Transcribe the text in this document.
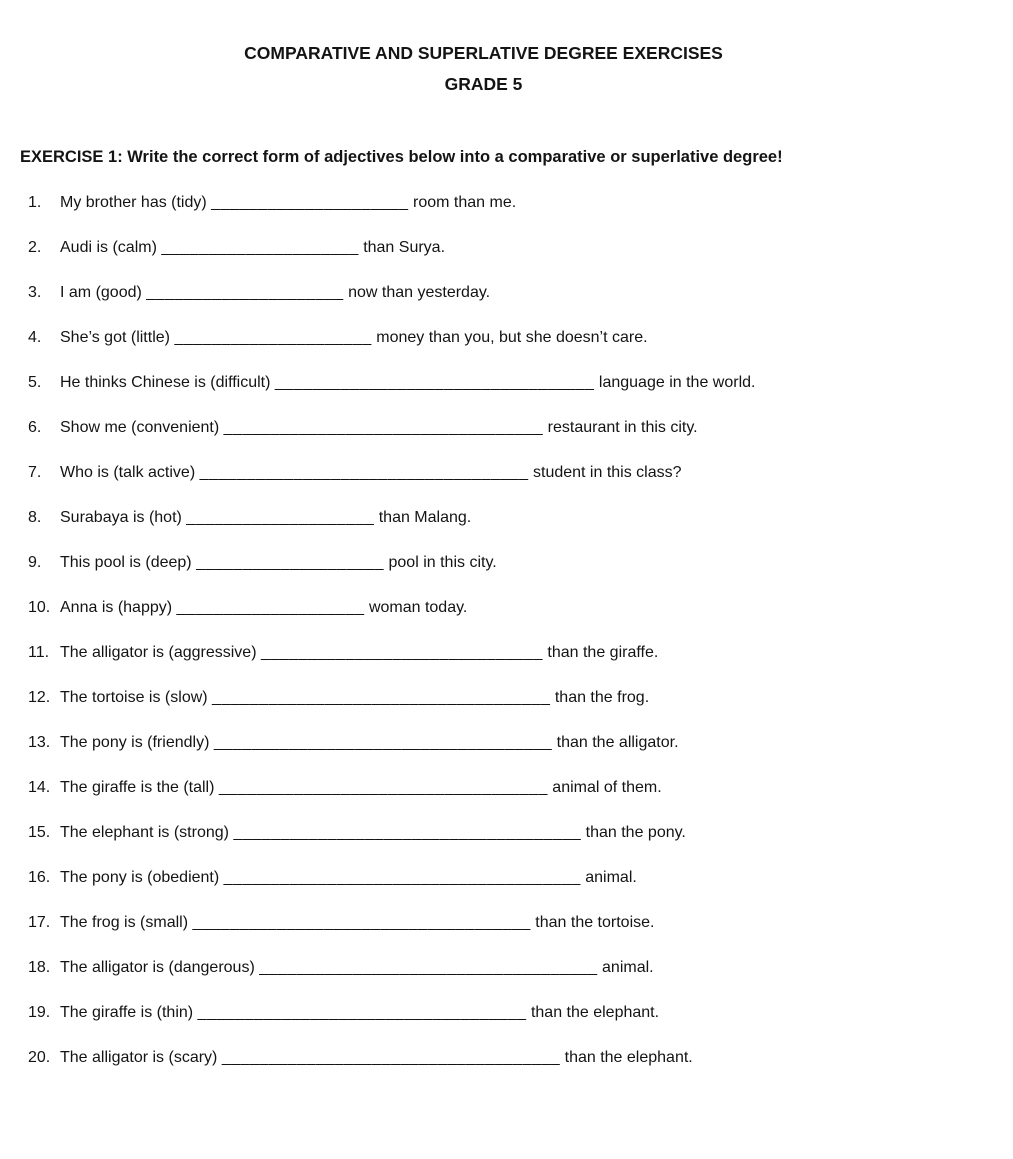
COMPARATIVE AND SUPERLATIVE DEGREE EXERCISES
GRADE 5

EXERCISE 1: Write the correct form of adjectives below into a comparative or superlative degree!

1.	My brother has (tidy) _____________________ room than me.
2.	Audi is (calm) _____________________ than Surya.
3.	I am (good) _____________________ now than yesterday.
4.	She’s got (little) _____________________ money than you, but she doesn’t care.
5.	He thinks Chinese is (difficult) __________________________________ language in the world.
6.	Show me (convenient) __________________________________ restaurant in this city.
7.	Who is (talk active) ___________________________________ student in this class?
8.	Surabaya is (hot) ____________________ than Malang.
9.	This pool is (deep) ____________________ pool in this city.
10. Anna is (happy) ____________________ woman today.
11. The alligator is (aggressive) ______________________________ than the giraffe.
12. The tortoise is (slow) ____________________________________ than the frog.
13. The pony is (friendly) ____________________________________ than the alligator.
14. The giraffe is the (tall) ___________________________________ animal of them.
15. The elephant is (strong) _____________________________________ than the pony.
16. The pony is (obedient) ______________________________________ animal.
17. The frog is (small) ____________________________________ than the tortoise.
18. The alligator is (dangerous) ____________________________________ animal.
19. The giraffe is (thin) ___________________________________ than the elephant.
20. The alligator is (scary) ____________________________________ than the elephant.
